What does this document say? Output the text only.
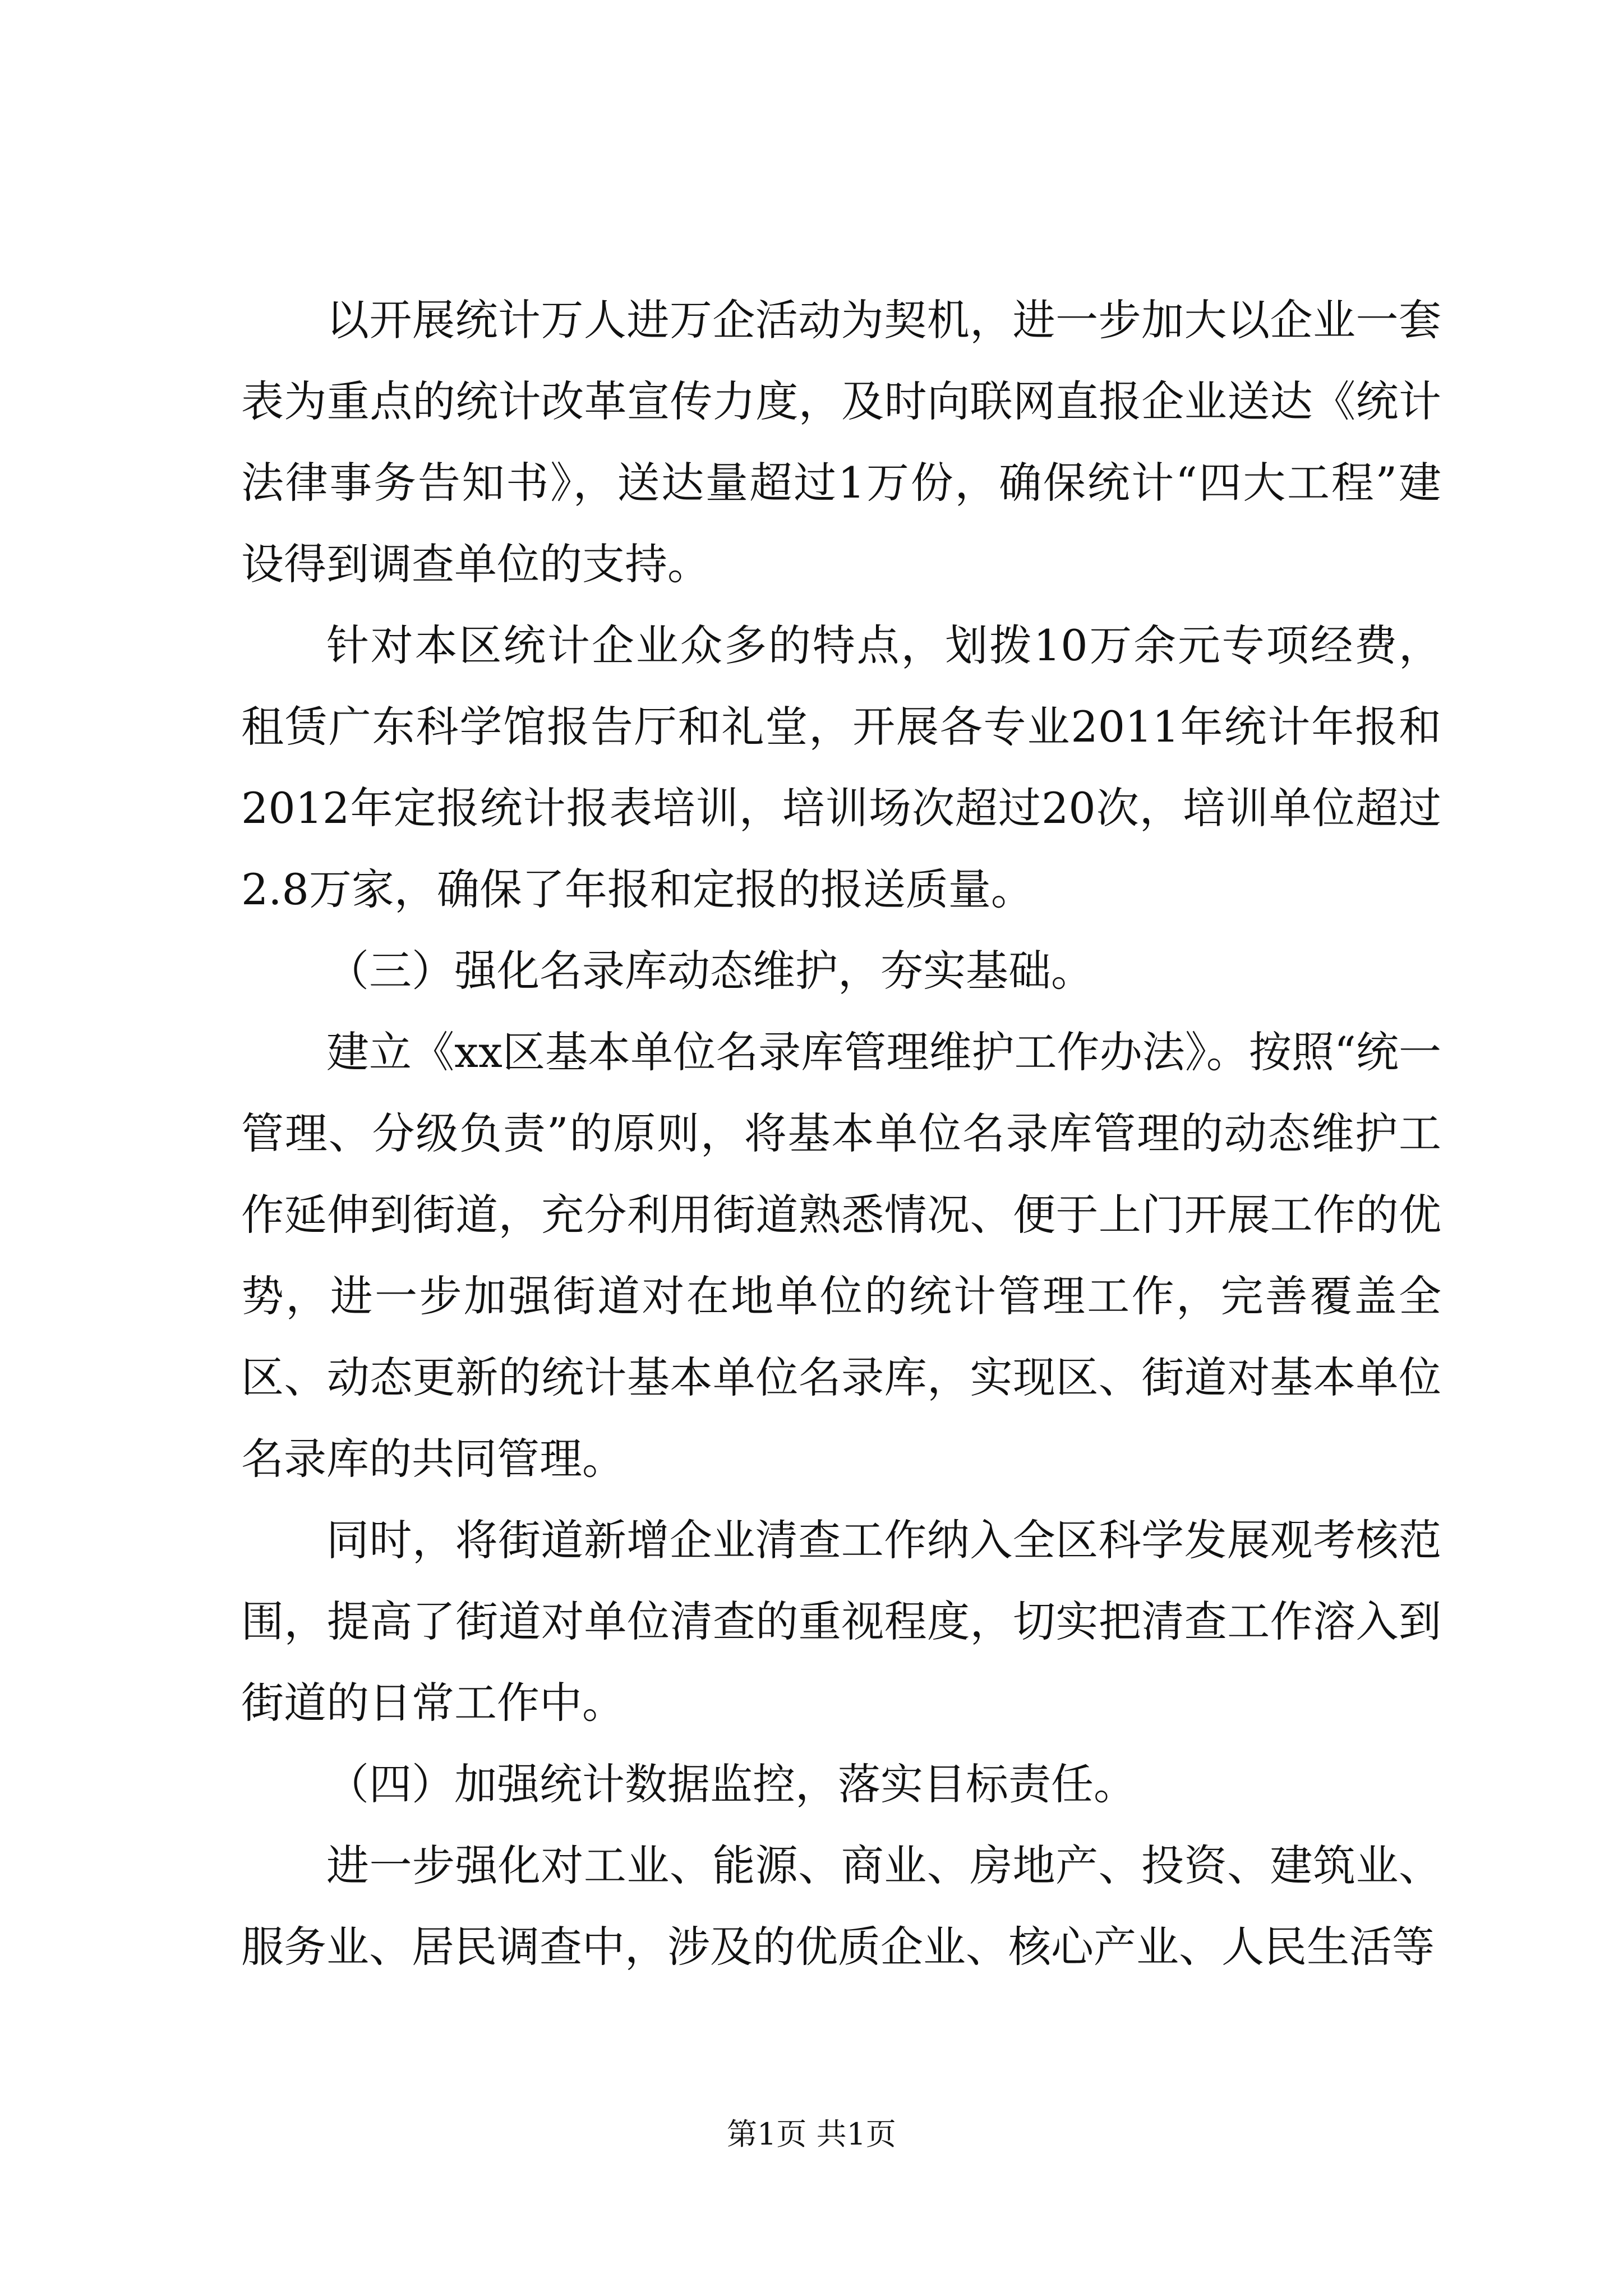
以开展统计万人进万企活动为契机，进一步加大以企业一套表为重点的统计改革宣传力度，及时向联网直报企业送达《统计法律事务告知书》，送达量超过1万份，确保统计“四大工程”建设得到调查单位的支持。

针对本区统计企业众多的特点，划拨10万余元专项经费，租赁广东科学馆报告厅和礼堂，开展各专业2011年统计年报和2012年定报统计报表培训，培训场次超过20次，培训单位超过2.8万家，确保了年报和定报的报送质量。

（三）强化名录库动态维护，夯实基础。

建立《xx区基本单位名录库管理维护工作办法》。按照“统一管理、分级负责”的原则，将基本单位名录库管理的动态维护工作延伸到街道，充分利用街道熟悉情况、便于上门开展工作的优势，进一步加强街道对在地单位的统计管理工作，完善覆盖全区、动态更新的统计基本单位名录库，实现区、街道对基本单位名录库的共同管理。

同时，将街道新增企业清查工作纳入全区科学发展观考核范围，提高了街道对单位清查的重视程度，切实把清查工作溶入到街道的日常工作中。

（四）加强统计数据监控，落实目标责任。

进一步强化对工业、能源、商业、房地产、投资、建筑业、服务业、居民调查中，涉及的优质企业、核心产业、人民生活等

第1页 共1页
